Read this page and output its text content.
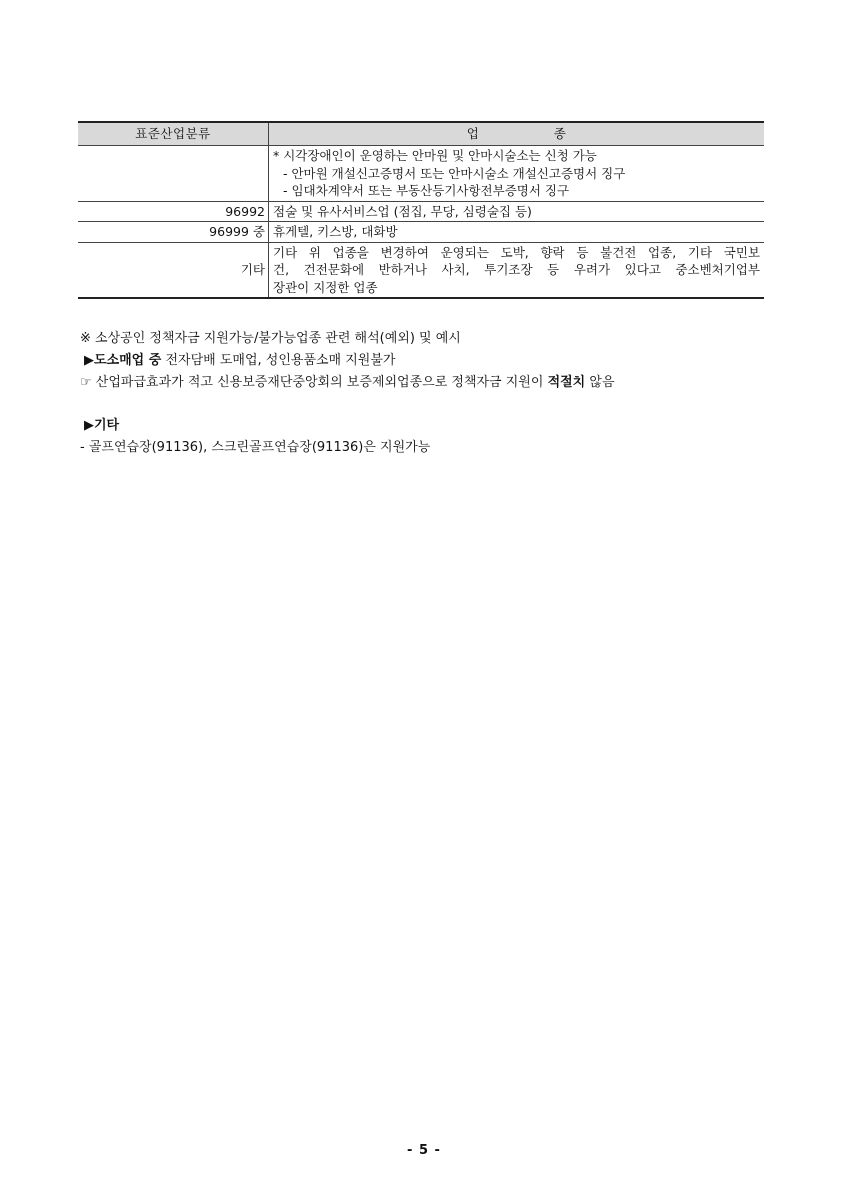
표준산업분류	업 종

	* 시각장애인이 운영하는 안마원 및 안마시술소는 신청 가능
- 안마원 개설신고증명서 또는 안마시술소 개설신고증명서 징구
- 임대차계약서 또는 부동산등기사항전부증명서 징구

96992	점술 및 유사서비스업 (점집, 무당, 심령술집 등)

96999 중	휴게텔, 키스방, 대화방

기타	기타 위 업종을 변경하여 운영되는 도박, 향락 등 불건전 업종, 기타 국민보
건, 건전문화에 반하거나 사치, 투기조장 등 우려가 있다고 중소벤처기업부
장관이 지정한 업종

※ 소상공인 정책자금 지원가능/불가능업종 관련 해석(예외) 및 예시

▶도소매업 중 전자담배 도매업, 성인용품소매 지원불가

☞ 산업파급효과가 적고 신용보증재단중앙회의 보증제외업종으로 정책자금 지원이 적절치 않음

▶기타

- 골프연습장(91136), 스크린골프연습장(91136)은 지원가능

- 5 -
